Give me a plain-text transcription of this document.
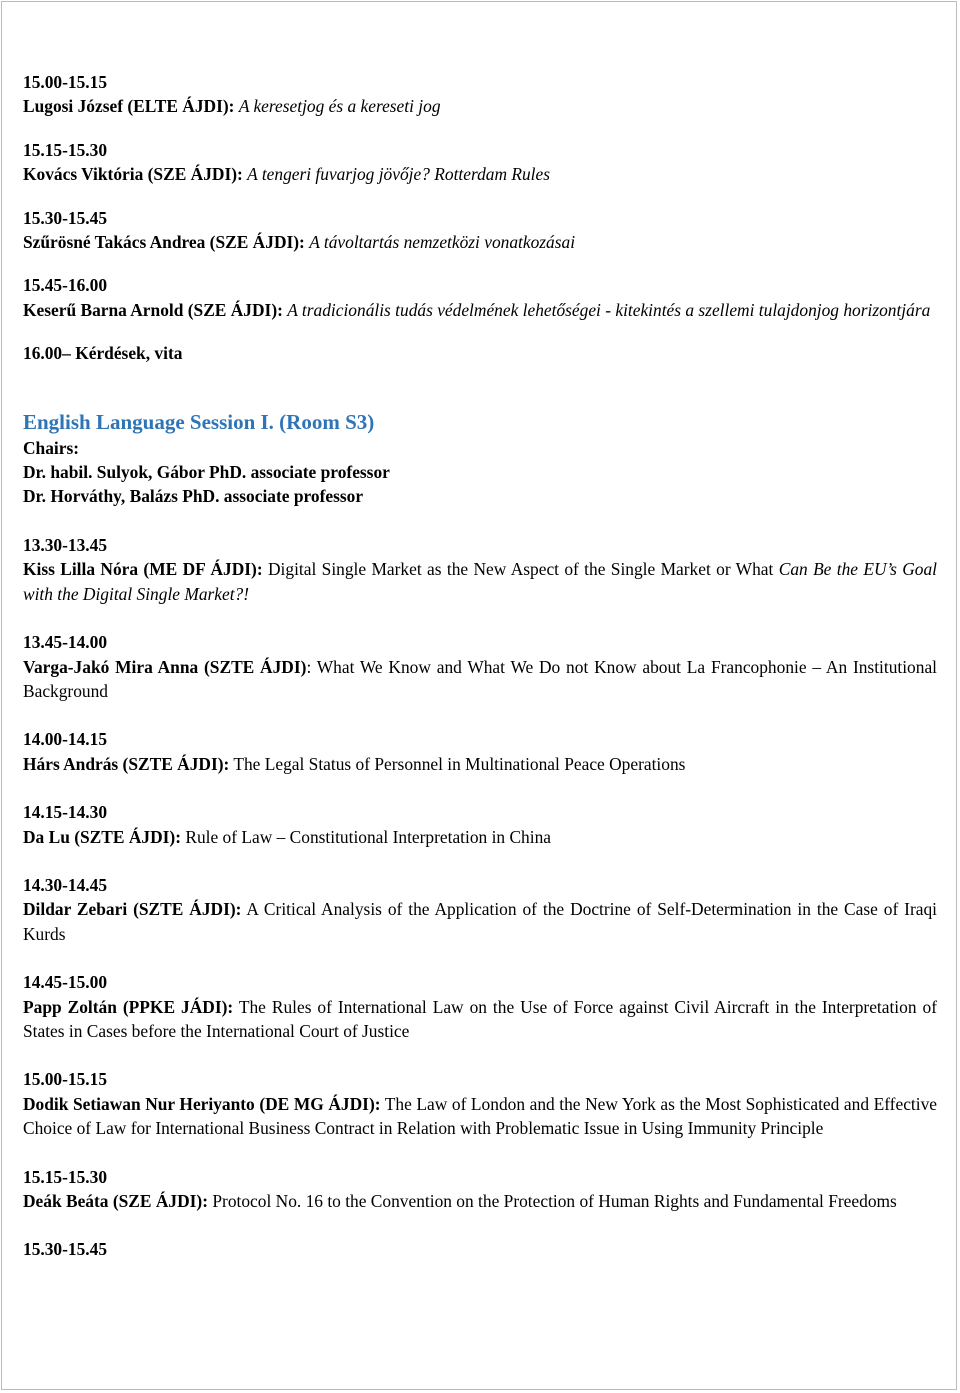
15.00-15.15
Lugosi József (ELTE ÁJDI): A keresetjog és a kereseti jog
15.15-15.30
Kovács Viktória (SZE ÁJDI): A tengeri fuvarjog jövője? Rotterdam Rules
15.30-15.45
Szűrösné Takács Andrea (SZE ÁJDI): A távoltartás nemzetközi vonatkozásai
15.45-16.00
Keserű Barna Arnold (SZE ÁJDI): A tradicionális tudás védelmének lehetőségei - kitekintés a szellemi tulajdonjog horizontjára
16.00– Kérdések, vita
English Language Session I. (Room S3)
Chairs:
Dr. habil. Sulyok, Gábor PhD. associate professor
Dr. Horváthy, Balázs PhD. associate professor
13.30-13.45
Kiss Lilla Nóra (ME DF ÁJDI): Digital Single Market as the New Aspect of the Single Market or What Can Be the EU’s Goal with the Digital Single Market?!
13.45-14.00
Varga-Jakó Mira Anna (SZTE ÁJDI): What We Know and What We Do not Know about La Francophonie – An Institutional Background
14.00-14.15
Hárs András (SZTE ÁJDI): The Legal Status of Personnel in Multinational Peace Operations
14.15-14.30
Da Lu (SZTE ÁJDI): Rule of Law – Constitutional Interpretation in China
14.30-14.45
Dildar Zebari (SZTE ÁJDI): A Critical Analysis of the Application of the Doctrine of Self-Determination in the Case of Iraqi Kurds
14.45-15.00
Papp Zoltán (PPKE JÁDI): The Rules of International Law on the Use of Force against Civil Aircraft in the Interpretation of States in Cases before the International Court of Justice
15.00-15.15
Dodik Setiawan Nur Heriyanto (DE MG ÁJDI): The Law of London and the New York as the Most Sophisticated and Effective Choice of Law for International Business Contract in Relation with Problematic Issue in Using Immunity Principle
15.15-15.30
Deák Beáta (SZE ÁJDI): Protocol No. 16 to the Convention on the Protection of Human Rights and Fundamental Freedoms
15.30-15.45
